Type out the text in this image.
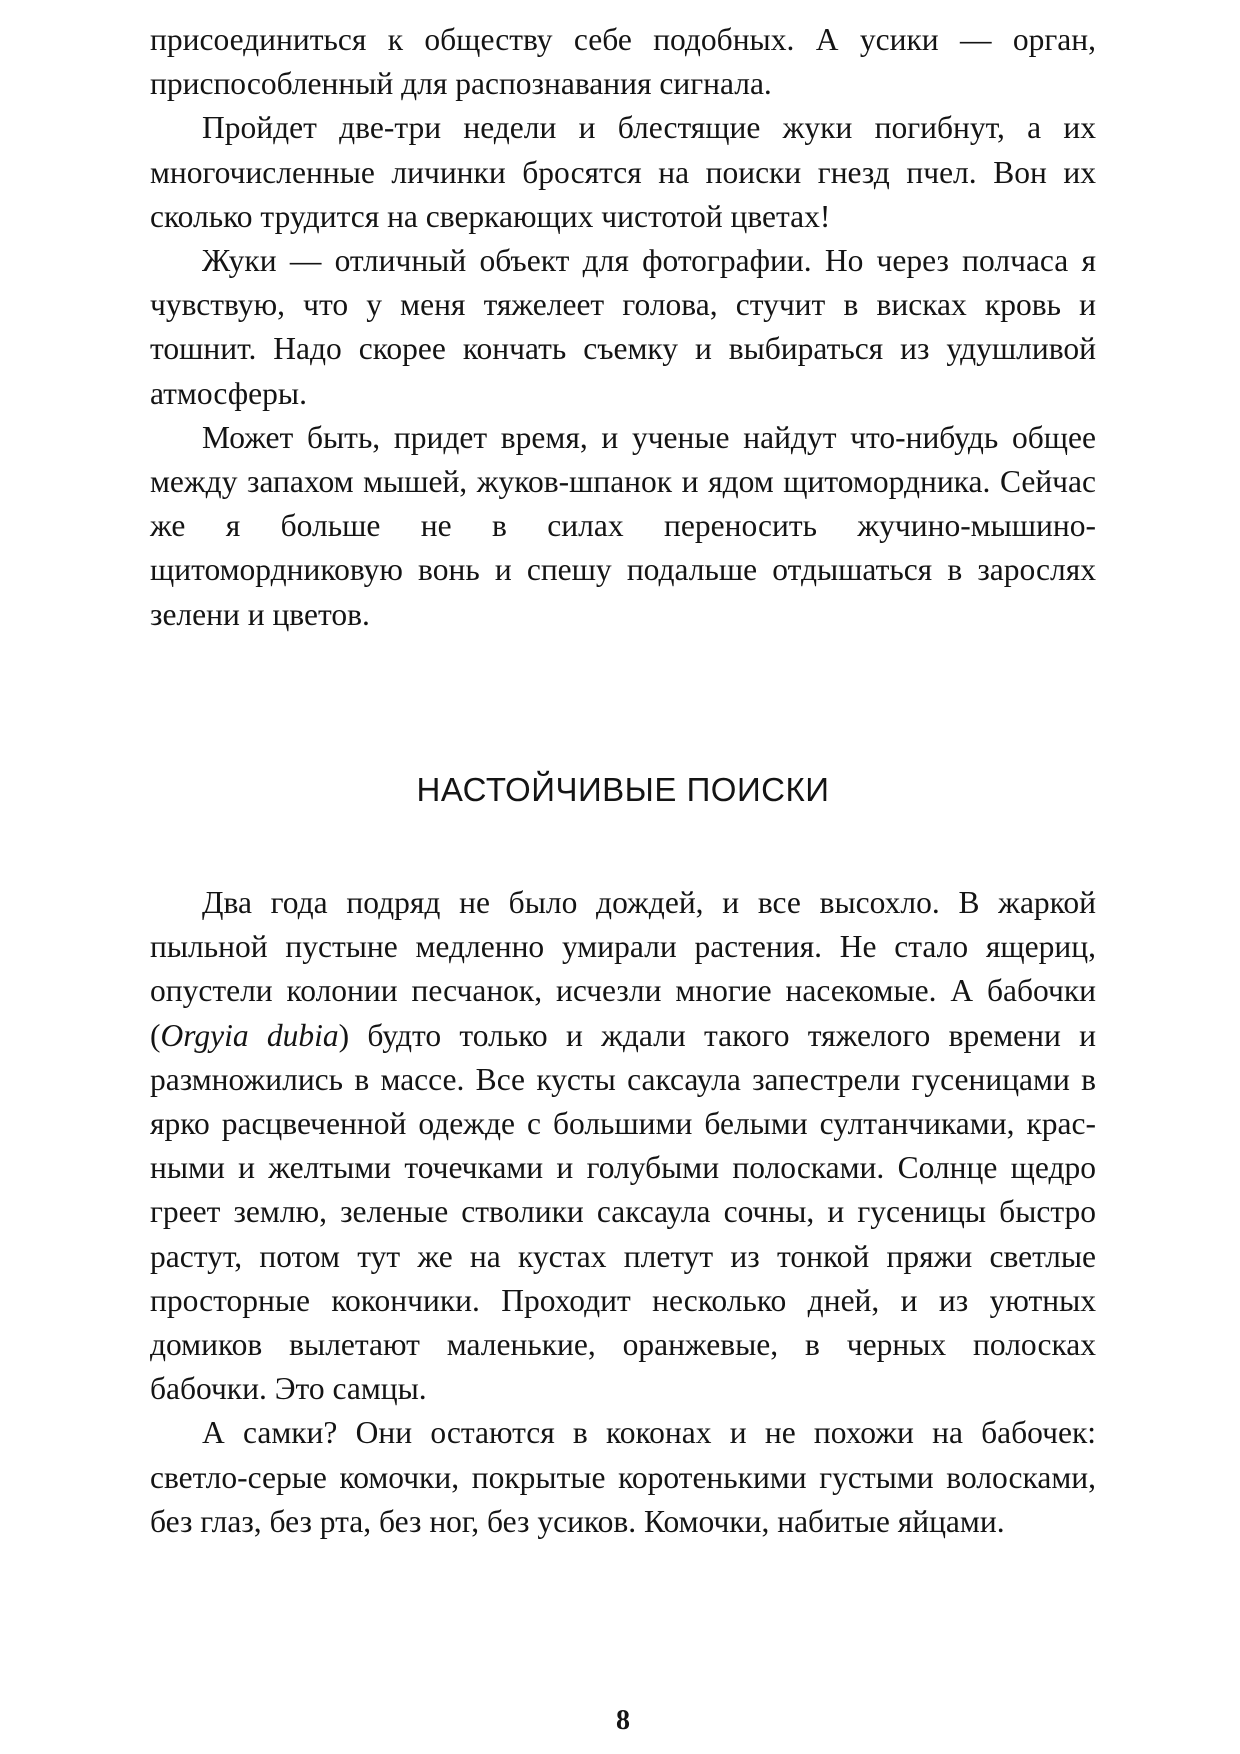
присоединиться к обществу себе подобных. А усики — орган, приспособленный для распознавания сигнала.

Пройдет две-три недели и блестящие жуки погибнут, а их многочисленные личинки бросятся на поиски гнезд пчел. Вон их сколько трудится на сверкающих чистотой цветах!

Жуки — отличный объект для фотографии. Но через полчаса я чувствую, что у меня тяжелеет голова, стучит в висках кровь и тошнит. Надо скорее кончать съемку и выбираться из удушливой атмосферы.

Может быть, придет время, и ученые найдут что-нибудь общее между запахом мышей, жуков-шпанок и ядом щитомордника. Сейчас же я больше не в силах переносить жучино-мышино-щитомордниковую вонь и спешу подальше отдышаться в зарослях зелени и цветов.

НАСТОЙЧИВЫЕ ПОИСКИ

Два года подряд не было дождей, и все высохло. В жаркой пыльной пустыне медленно умирали растения. Не стало ящериц, опустели колонии песчанок, исчезли многие насекомые. А бабочки (Orgyia dubia) будто только и ждали такого тяжелого времени и размножились в массе. Все кусты саксаула запестрели гусеницами в ярко расцвеченной одежде с большими белыми султанчиками, красными и желтыми точечками и голубыми полосками. Солнце щедро греет землю, зеленые стволики саксаула сочны, и гусеницы быстро растут, потом тут же на кустах плетут из тонкой пряжи светлые просторные кокончики. Проходит несколько дней, и из уютных домиков вылетают маленькие, оранжевые, в черных полосках бабочки. Это самцы.

А самки? Они остаются в коконах и не похожи на бабочек: светло-серые комочки, покрытые коротенькими густыми волосками, без глаз, без рта, без ног, без усиков. Комочки, набитые яйцами.

8
